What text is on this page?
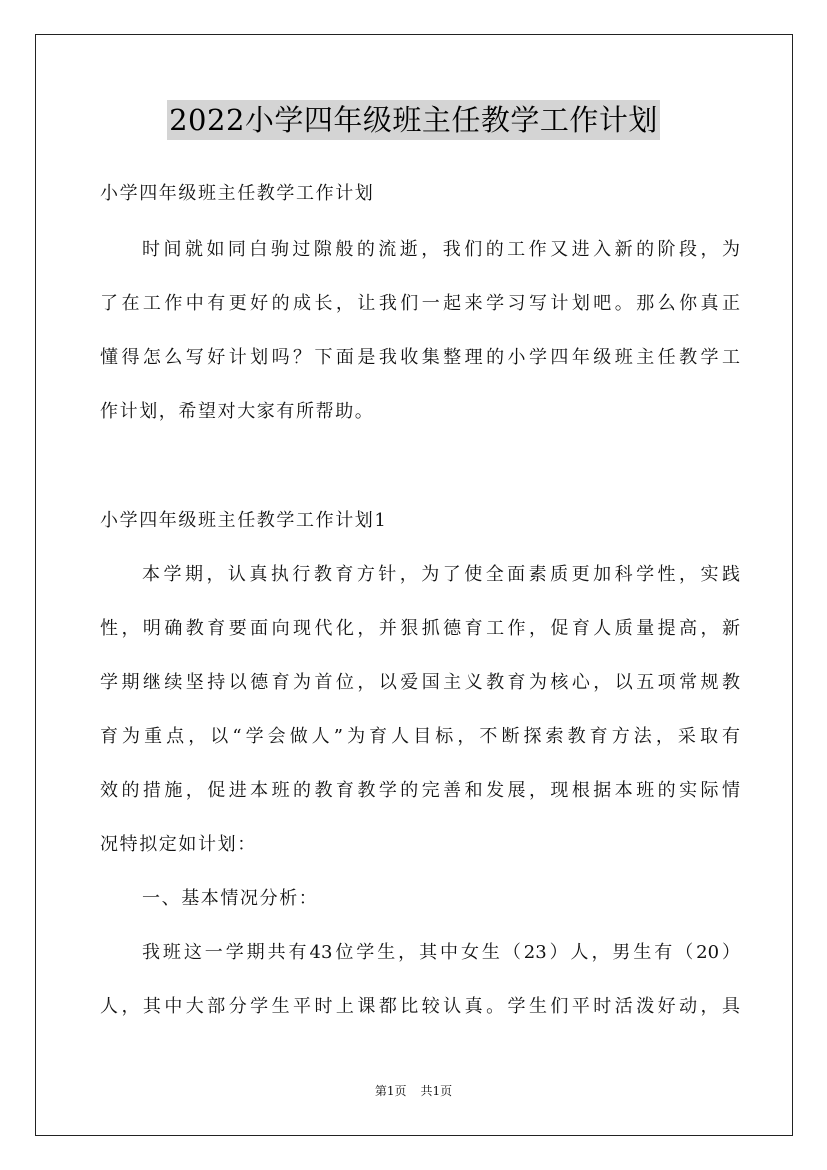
2022小学四年级班主任教学工作计划
小学四年级班主任教学工作计划
时间就如同白驹过隙般的流逝，我们的工作又进入新的阶段，为
了在工作中有更好的成长，让我们一起来学习写计划吧。那么你真正
懂得怎么写好计划吗？下面是我收集整理的小学四年级班主任教学工
作计划，希望对大家有所帮助。
小学四年级班主任教学工作计划1
本学期，认真执行教育方针，为了使全面素质更加科学性，实践
性，明确教育要面向现代化，并狠抓德育工作，促育人质量提高，新
学期继续坚持以德育为首位，以爱国主义教育为核心，以五项常规教
育为重点，以“学会做人”为育人目标，不断探索教育方法，采取有
效的措施，促进本班的教育教学的完善和发展，现根据本班的实际情
况特拟定如计划：
一、基本情况分析：
我班这一学期共有43位学生，其中女生（23）人，男生有（20）
人，其中大部分学生平时上课都比较认真。学生们平时活泼好动，具
第1页 共1页
